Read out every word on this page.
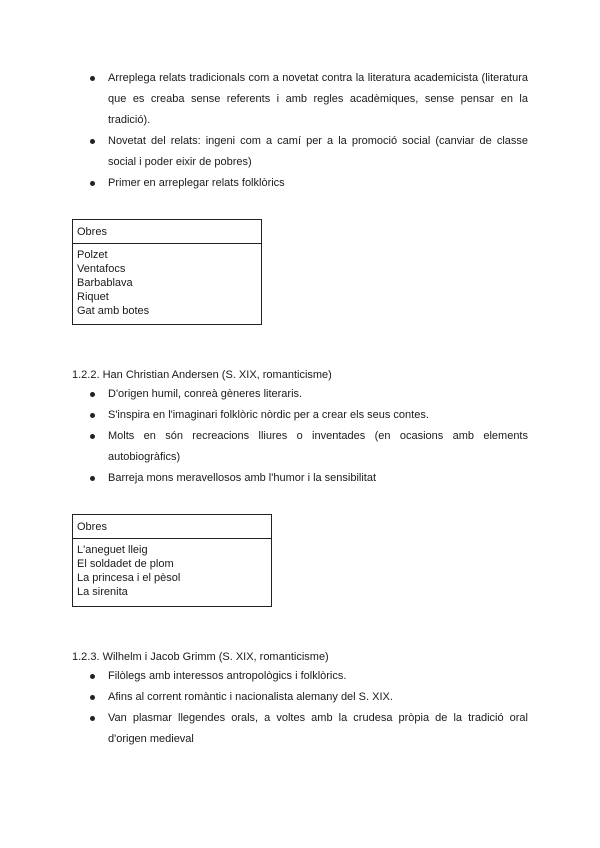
Arreplega relats tradicionals com a novetat contra la literatura academicista (literatura que es creaba sense referents i amb regles acadèmiques, sense pensar en la tradició).
Novetat del relats: ingeni com a camí per a la promoció social (canviar de classe social i poder eixir de pobres)
Primer en arreplegar relats folklòrics
Obres
Polzet
Ventafocs
Barbablava
Riquet
Gat amb botes
1.2.2. Han Christian Andersen (S. XIX, romanticisme)
D'origen humil, conreà gèneres literaris.
S'inspira en l'imaginari folklòric nòrdic per a crear els seus contes.
Molts en són recreacions lliures o inventades (en ocasions amb elements autobiogràfics)
Barreja mons meravellosos amb l'humor i la sensibilitat
Obres
L'aneguet lleig
El soldadet de plom
La princesa i el pèsol
La sirenita
1.2.3. Wilhelm i Jacob Grimm (S. XIX, romanticisme)
Filòlegs amb interessos antropològics i folklòrics.
Afins al corrent romàntic i nacionalista alemany del S. XIX.
Van plasmar llegendes orals, a voltes amb la crudesa pròpia de la tradició oral d'origen medieval
